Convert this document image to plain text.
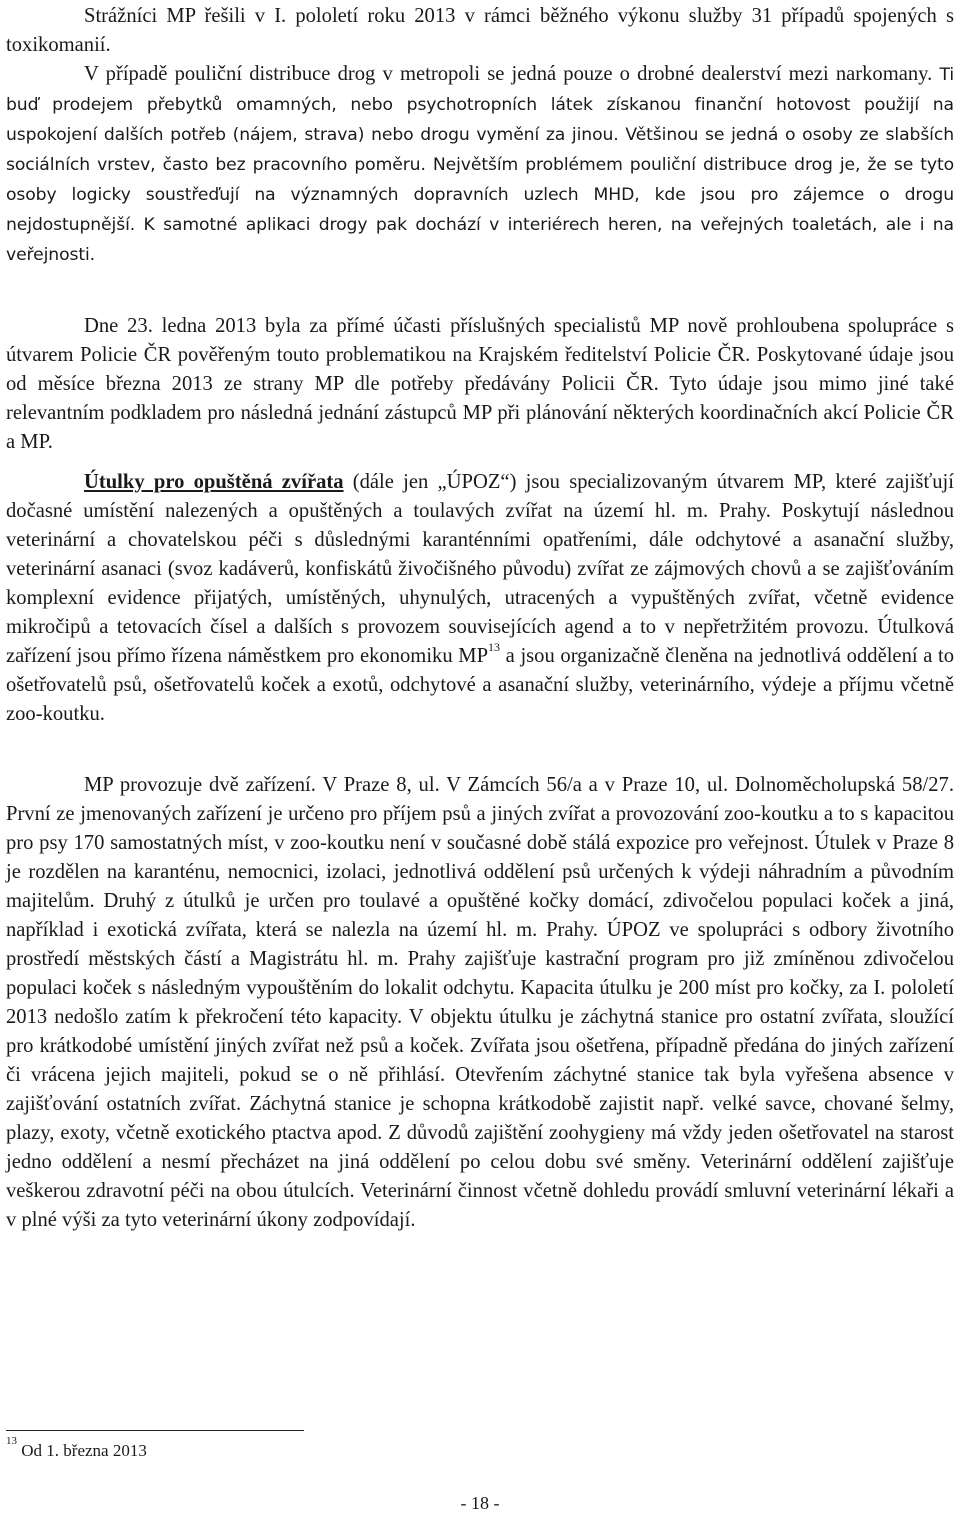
Strážníci MP řešili v I. pololetí roku 2013 v rámci běžného výkonu služby 31 případů spojených s toxikomanií.

V případě pouliční distribuce drog v metropoli se jedná pouze o drobné dealerství mezi narkomany. Ti buď prodejem přebytků omamných, nebo psychotropních látek získanou finanční hotovost použijí na uspokojení dalších potřeb (nájem, strava) nebo drogu vymění za jinou. Většinou se jedná o osoby ze slabších sociálních vrstev, často bez pracovního poměru. Největším problémem pouliční distribuce drog je, že se tyto osoby logicky soustřeďují na významných dopravních uzlech MHD, kde jsou pro zájemce o drogu nejdostupnější. K samotné aplikaci drogy pak dochází v interiérech heren, na veřejných toaletách, ale i na veřejnosti.

Dne 23. ledna 2013 byla za přímé účasti příslušných specialistů MP nově prohloubena spolupráce s útvarem Policie ČR pověřeným touto problematikou na Krajském ředitelství Policie ČR. Poskytované údaje jsou od měsíce března 2013 ze strany MP dle potřeby předávány Policii ČR. Tyto údaje jsou mimo jiné také relevantním podkladem pro následná jednání zástupců MP při plánování některých koordinačních akcí Policie ČR a MP.

Útulky pro opuštěná zvířata (dále jen „ÚPOZ“) jsou specializovaným útvarem MP, které zajišťují dočasné umístění nalezených a opuštěných a toulavých zvířat na území hl. m. Prahy. Poskytují následnou veterinární a chovatelskou péči s důslednými karanténními opatřeními, dále odchytové a asanační služby, veterinární asanaci (svoz kadáverů, konfiskátů živočišného původu) zvířat ze zájmových chovů a se zajišťováním komplexní evidence přijatých, umístěných, uhynulých, utracených a vypuštěných zvířat, včetně evidence mikročipů a tetovacích čísel a dalších s provozem souvisejících agend a to v nepřetržitém provozu. Útulková zařízení jsou přímo řízena náměstkem pro ekonomiku MP$^{13}$ a jsou organizačně členěna na jednotlivá oddělení a to ošetřovatelů psů, ošetřovatelů koček a exotů, odchytové a asanační služby, veterinárního, výdeje a příjmu včetně zoo-koutku.

MP provozuje dvě zařízení. V Praze 8, ul. V Zámcích 56/a a v Praze 10, ul. Dolnoměcholupská 58/27. První ze jmenovaných zařízení je určeno pro příjem psů a jiných zvířat a provozování zoo-koutku a to s kapacitou pro psy 170 samostatných míst, v zoo-koutku není v současné době stálá expozice pro veřejnost. Útulek v Praze 8 je rozdělen na karanténu, nemocnici, izolaci, jednotlivá oddělení psů určených k výdeji náhradním a původním majitelům. Druhý z útulků je určen pro toulavé a opuštěné kočky domácí, zdivočelou populaci koček a jiná, například i exotická zvířata, která se nalezla na území hl. m. Prahy. ÚPOZ ve spolupráci s odbory životního prostředí městských částí a Magistrátu hl. m. Prahy zajišťuje kastrační program pro již zmíněnou zdivočelou populaci koček s následným vypouštěním do lokalit odchytu. Kapacita útulku je 200 míst pro kočky, za I. pololetí 2013 nedošlo zatím k překročení této kapacity. V objektu útulku je záchytná stanice pro ostatní zvířata, sloužící pro krátkodobé umístění jiných zvířat než psů a koček. Zvířata jsou ošetřena, případně předána do jiných zařízení či vrácena jejich majiteli, pokud se o ně přihlásí. Otevřením záchytné stanice tak byla vyřešena absence v zajišťování ostatních zvířat. Záchytná stanice je schopna krátkodobě zajistit např. velké savce, chované šelmy, plazy, exoty, včetně exotického ptactva apod. Z důvodů zajištění zoohygieny má vždy jeden ošetřovatel na starost jedno oddělení a nesmí přecházet na jiná oddělení po celou dobu své směny. Veterinární oddělení zajišťuje veškerou zdravotní péči na obou útulcích. Veterinární činnost včetně dohledu provádí smluvní veterinární lékaři a v plné výši za tyto veterinární úkony zodpovídají.

$^{13}$ Od 1. března 2013

- 18 -
